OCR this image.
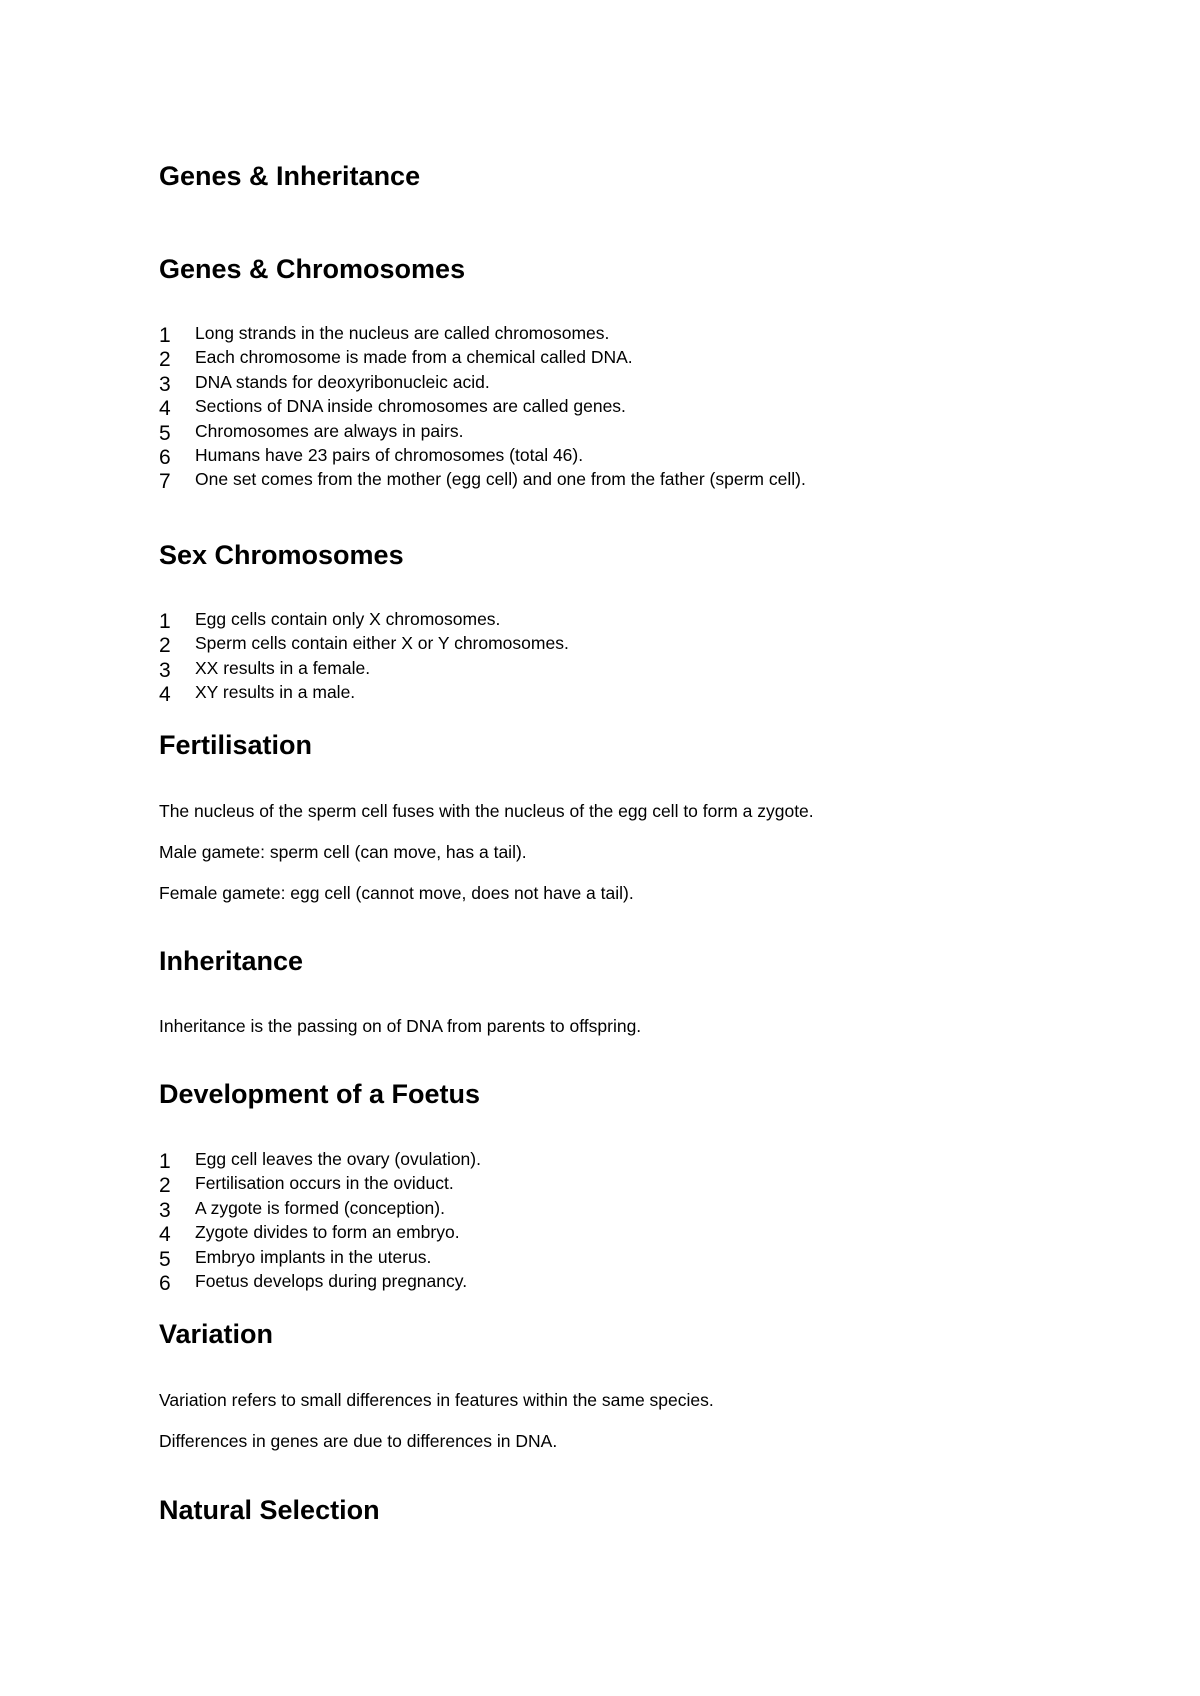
Genes & Inheritance
Genes & Chromosomes
1	Long strands in the nucleus are called chromosomes.
2	Each chromosome is made from a chemical called DNA.
3	DNA stands for deoxyribonucleic acid.
4	Sections of DNA inside chromosomes are called genes.
5	Chromosomes are always in pairs.
6	Humans have 23 pairs of chromosomes (total 46).
7	One set comes from the mother (egg cell) and one from the father (sperm cell).
Sex Chromosomes
1	Egg cells contain only X chromosomes.
2	Sperm cells contain either X or Y chromosomes.
3	XX results in a female.
4	XY results in a male.
Fertilisation

The nucleus of the sperm cell fuses with the nucleus of the egg cell to form a zygote.

Male gamete: sperm cell (can move, has a tail).

Female gamete: egg cell (cannot move, does not have a tail).

Inheritance

Inheritance is the passing on of DNA from parents to offspring.

Development of a Foetus
1	Egg cell leaves the ovary (ovulation).
2	Fertilisation occurs in the oviduct.
3	A zygote is formed (conception).
4	Zygote divides to form an embryo.
5	Embryo implants in the uterus.
6	Foetus develops during pregnancy.
Variation

Variation refers to small differences in features within the same species.

Differences in genes are due to differences in DNA.

Natural Selection
